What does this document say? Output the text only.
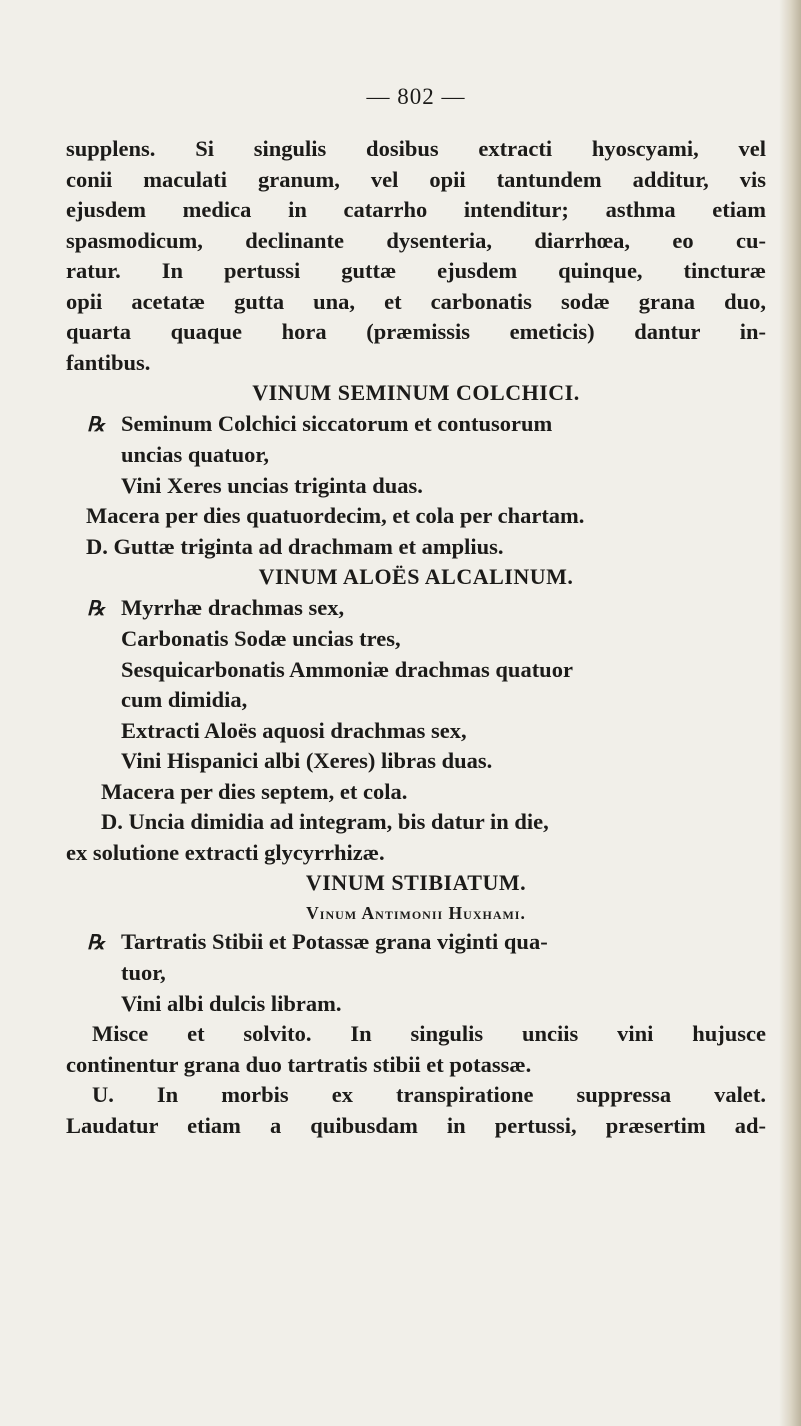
— 802 —
supplens. Si singulis dosibus extracti hyoscyami, vel
conii maculati granum, vel opii tantundem additur, vis
ejusdem medica in catarrho intenditur; asthma etiam
spasmodicum, declinante dysenteria, diarrhœa, eo cu-
ratur. In pertussi guttæ ejusdem quinque, tincturæ
opii acetatæ gutta una, et carbonatis sodæ grana duo,
quarta quaque hora (præmissis emeticis) dantur in-
fantibus.
VINUM SEMINUM COLCHICI.
℞ Seminum Colchici siccatorum et contusorum
uncias quatuor,
Vini Xeres uncias triginta duas.
Macera per dies quatuordecim, et cola per chartam.
D. Guttæ triginta ad drachmam et amplius.
VINUM ALOËS ALCALINUM.
℞ Myrrhæ drachmas sex,
Carbonatis Sodæ uncias tres,
Sesquicarbonatis Ammoniæ drachmas quatuor
cum dimidia,
Extracti Aloës aquosi drachmas sex,
Vini Hispanici albi (Xeres) libras duas.
Macera per dies septem, et cola.
D. Uncia dimidia ad integram, bis datur in die,
ex solutione extracti glycyrrhizæ.
VINUM STIBIATUM.
Vinum Antimonii Huxhami.
℞ Tartratis Stibii et Potassæ grana viginti qua-
tuor,
Vini albi dulcis libram.
Misce et solvito. In singulis unciis vini hujusce
continentur grana duo tartratis stibii et potassæ.
U. In morbis ex transpiratione suppressa valet.
Laudatur etiam a quibusdam in pertussi, præsertim ad-
